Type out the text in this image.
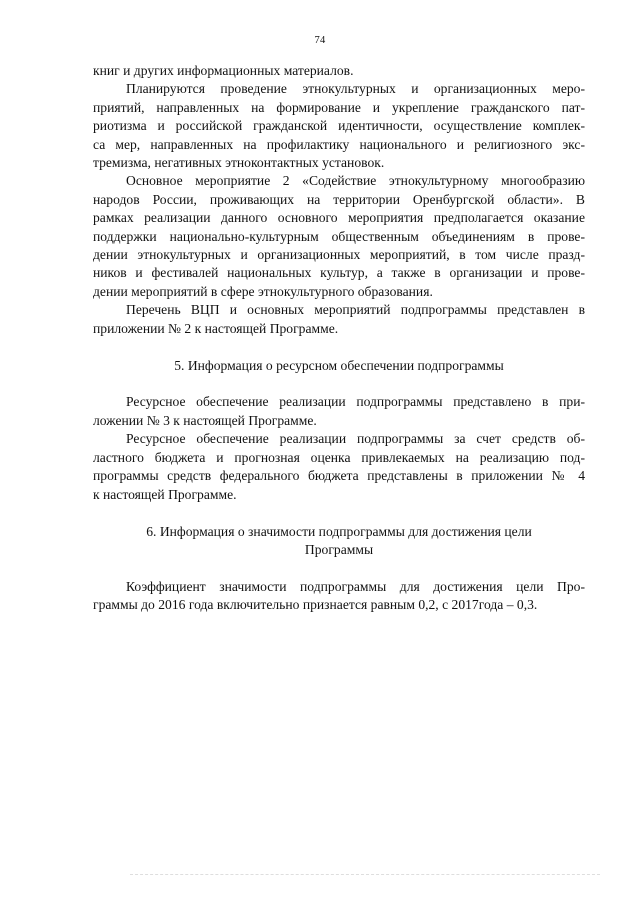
74
книг и других информационных материалов.
Планируются проведение этнокультурных и организационных меро-
приятий, направленных на формирование и укрепление гражданского пат-
риотизма и российской гражданской идентичности, осуществление комплек-
са мер, направленных на профилактику национального и религиозного экс-
тремизма, негативных этноконтактных установок.
Основное мероприятие 2 «Содействие этнокультурному многообразию
народов России, проживающих на территории Оренбургской области». В
рамках реализации данного основного мероприятия предполагается оказание
поддержки национально-культурным общественным объединениям в прове-
дении этнокультурных и организационных мероприятий, в том числе празд-
ников и фестивалей национальных культур, а также в организации и прове-
дении мероприятий в сфере этнокультурного образования.
Перечень ВЦП и основных мероприятий подпрограммы представлен в
приложении № 2 к настоящей Программе.
5. Информация о ресурсном обеспечении подпрограммы
Ресурсное обеспечение реализации подпрограммы представлено в при-
ложении № 3 к настоящей Программе.
Ресурсное обеспечение реализации подпрограммы за счет средств об-
ластного бюджета и прогнозная оценка привлекаемых на реализацию под-
программы средств федерального бюджета представлены в приложении № 4
к настоящей Программе.
6. Информация о значимости подпрограммы для достижения цели
Программы
Коэффициент значимости подпрограммы для достижения цели Про-
граммы до 2016 года включительно признается равным 0,2, с 2017года – 0,3.
